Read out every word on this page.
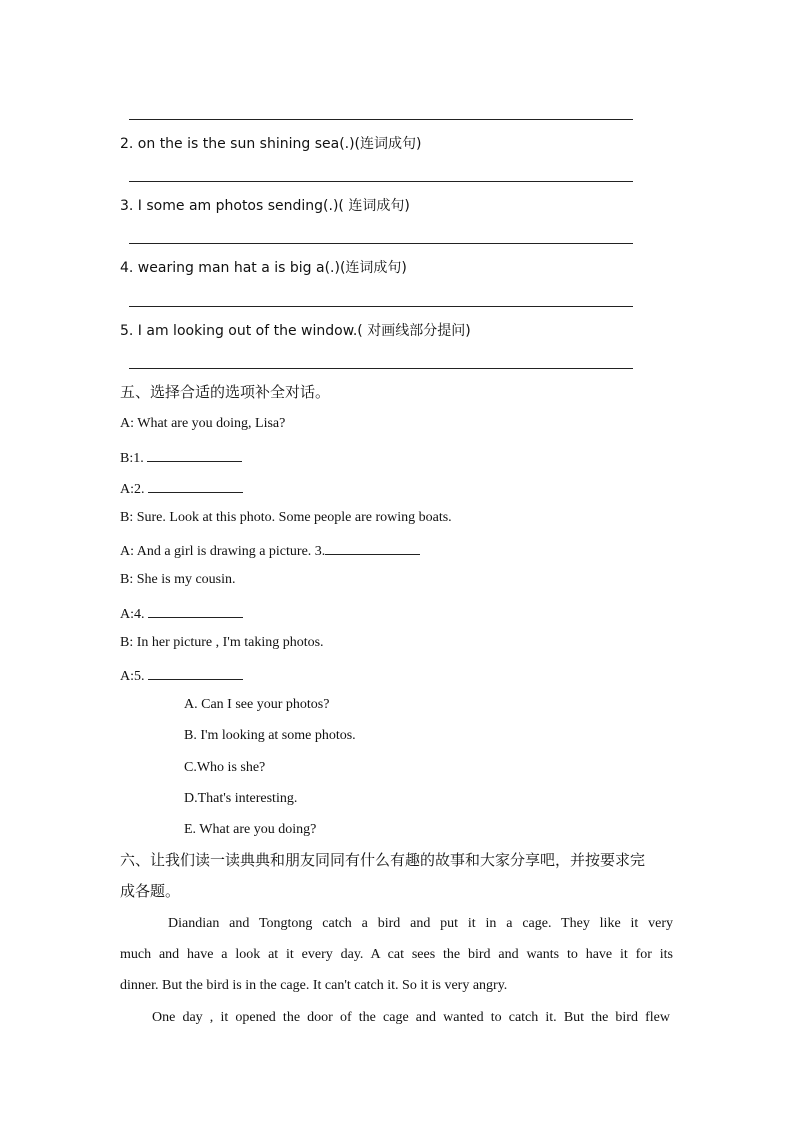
2. on the is the sun shining sea(.)(连词成句)
3. I some am photos sending(.)( 连词成句)
4. wearing man hat a is big a(.)(连词成句)
5. I am looking out of the window.( 对画线部分提问)
五、选择合适的选项补全对话。
A: What are you doing, Lisa?
B:1.
A:2.
B: Sure. Look at this photo. Some people are rowing boats.
A: And a girl is drawing a picture. 3.
B: She is my cousin.
A:4.
B: In her picture , I'm taking photos.
A:5.
A. Can I see your photos?
B. I'm looking at some photos.
C.Who is she?
D.That's interesting.
E. What are you doing?
六、让我们读一读典典和朋友同同有什么有趣的故事和大家分享吧，并按要求完
成各题。
Diandian and Tongtong catch a bird and put it in a cage. They like it very
much and have a look at it every day. A cat sees the bird and wants to have it for its
dinner. But the bird is in the cage. It can't catch it. So it is very angry.
One day , it opened the door of the cage and wanted to catch it. But the bird flew
